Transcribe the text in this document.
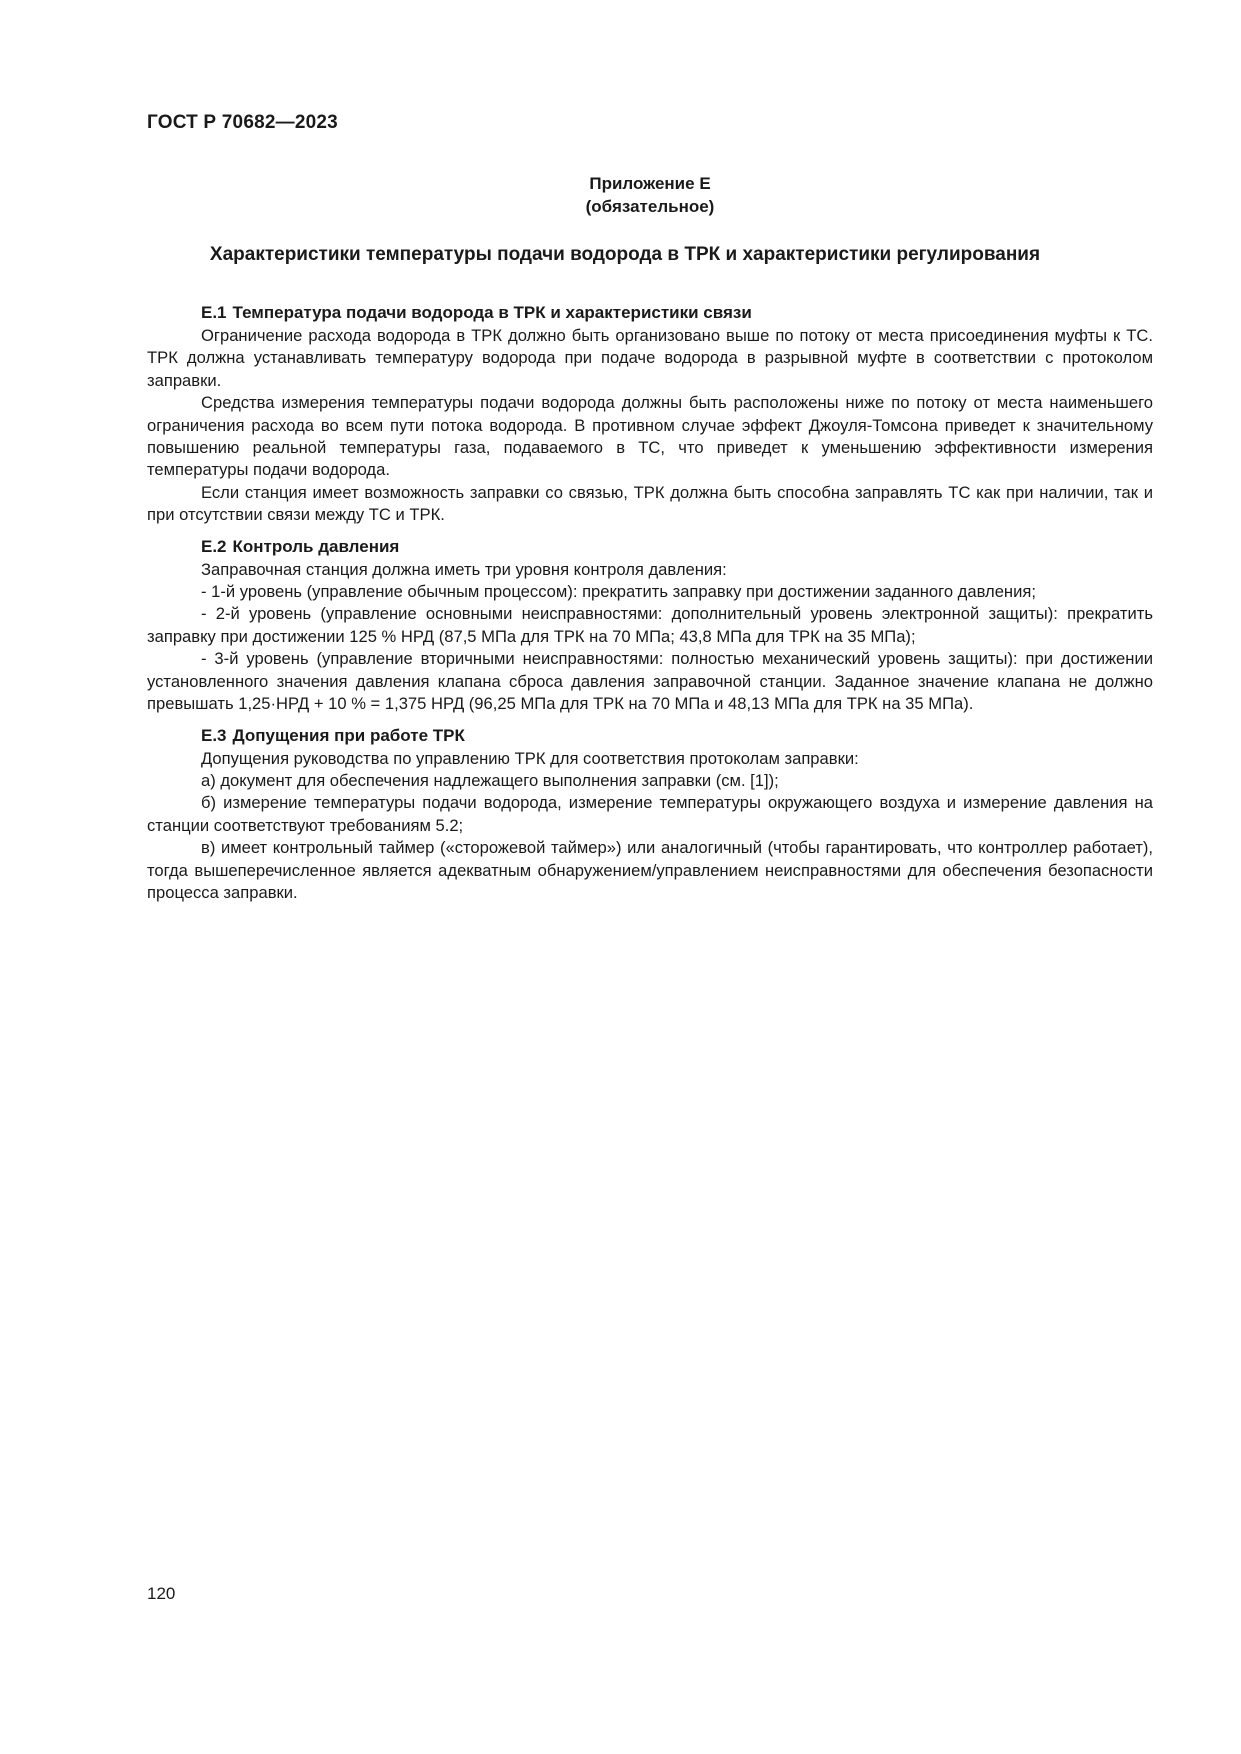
ГОСТ Р 70682—2023
Приложение Е
(обязательное)
Характеристики температуры подачи водорода в ТРК и характеристики регулирования

Е.1 Температура подачи водорода в ТРК и характеристики связи

Ограничение расхода водорода в ТРК должно быть организовано выше по потоку от места присоединения муфты к ТС. ТРК должна устанавливать температуру водорода при подаче водорода в разрывной муфте в соответствии с протоколом заправки.

Средства измерения температуры подачи водорода должны быть расположены ниже по потоку от места наименьшего ограничения расхода во всем пути потока водорода. В противном случае эффект Джоуля-Томсона приведет к значительному повышению реальной температуры газа, подаваемого в ТС, что приведет к уменьшению эффективности измерения температуры подачи водорода.

Если станция имеет возможность заправки со связью, ТРК должна быть способна заправлять ТС как при наличии, так и при отсутствии связи между ТС и ТРК.

Е.2 Контроль давления

Заправочная станция должна иметь три уровня контроля давления:

- 1-й уровень (управление обычным процессом): прекратить заправку при достижении заданного давления;

- 2-й уровень (управление основными неисправностями: дополнительный уровень электронной защиты): прекратить заправку при достижении 125 % НРД (87,5 МПа для ТРК на 70 МПа; 43,8 МПа для ТРК на 35 МПа);

- 3-й уровень (управление вторичными неисправностями: полностью механический уровень защиты): при достижении установленного значения давления клапана сброса давления заправочной станции. Заданное значение клапана не должно превышать 1,25·НРД + 10 % = 1,375 НРД (96,25 МПа для ТРК на 70 МПа и 48,13 МПа для ТРК на 35 МПа).

Е.3 Допущения при работе ТРК

Допущения руководства по управлению ТРК для соответствия протоколам заправки:

а) документ для обеспечения надлежащего выполнения заправки (см. [1]);

б) измерение температуры подачи водорода, измерение температуры окружающего воздуха и измерение давления на станции соответствуют требованиям 5.2;

в) имеет контрольный таймер («сторожевой таймер») или аналогичный (чтобы гарантировать, что контроллер работает), тогда вышеперечисленное является адекватным обнаружением/управлением неисправностями для обеспечения безопасности процесса заправки.

120
